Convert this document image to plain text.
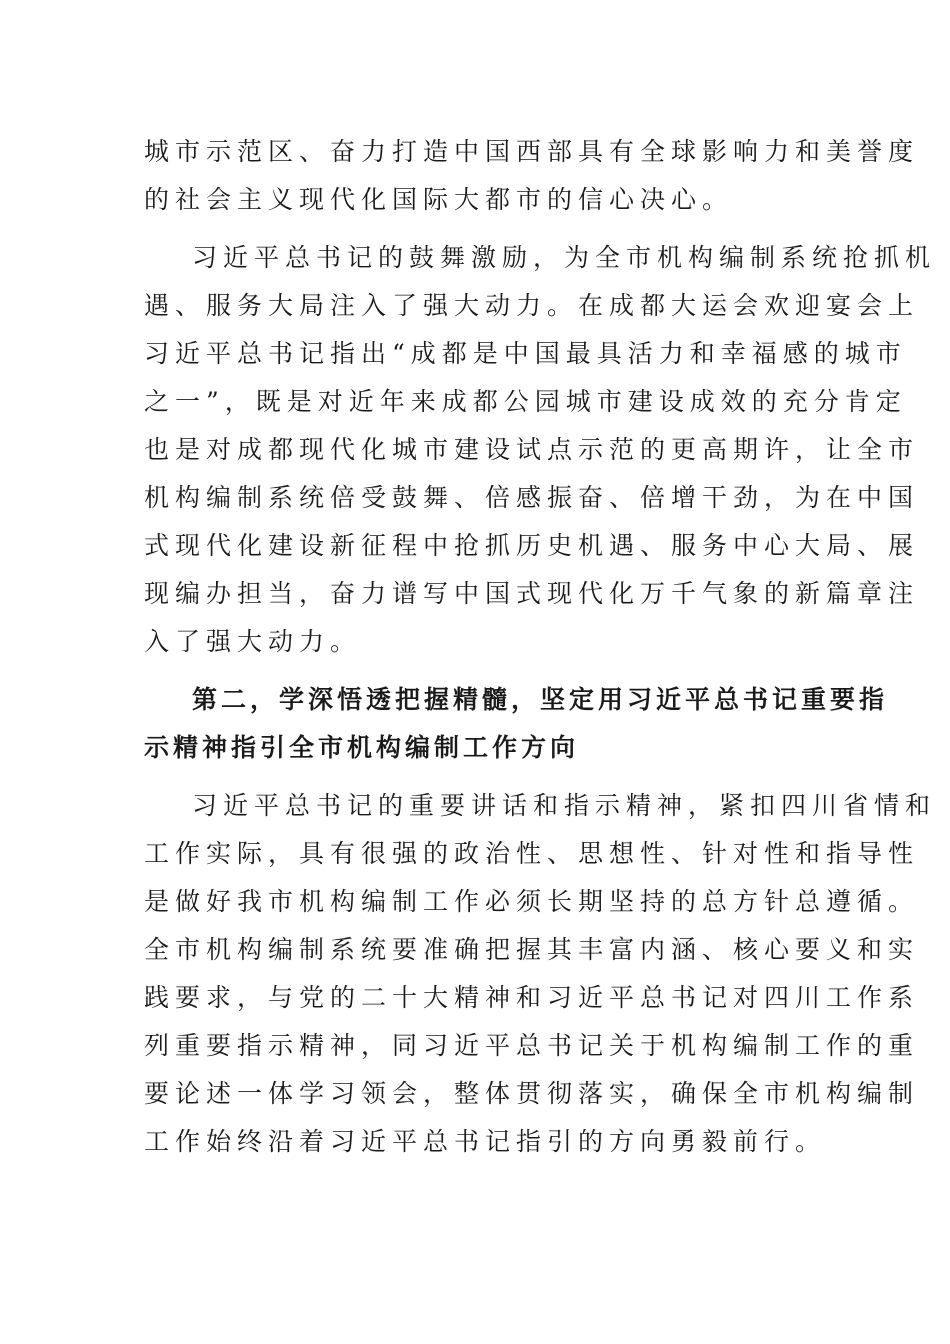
城市示范区、奋力打造中国西部具有全球影响力和美誉度
的社会主义现代化国际大都市的信心决心。
习近平总书记的鼓舞激励，为全市机构编制系统抢抓机
遇、服务大局注入了强大动力。在成都大运会欢迎宴会上
习近平总书记指出“成都是中国最具活力和幸福感的城市
之一”，既是对近年来成都公园城市建设成效的充分肯定
也是对成都现代化城市建设试点示范的更高期许，让全市
机构编制系统倍受鼓舞、倍感振奋、倍增干劲，为在中国
式现代化建设新征程中抢抓历史机遇、服务中心大局、展
现编办担当，奋力谱写中国式现代化万千气象的新篇章注
入了强大动力。
第二，学深悟透把握精髓，坚定用习近平总书记重要指
示精神指引全市机构编制工作方向
习近平总书记的重要讲话和指示精神，紧扣四川省情和
工作实际，具有很强的政治性、思想性、针对性和指导性
是做好我市机构编制工作必须长期坚持的总方针总遵循。
全市机构编制系统要准确把握其丰富内涵、核心要义和实
践要求，与党的二十大精神和习近平总书记对四川工作系
列重要指示精神，同习近平总书记关于机构编制工作的重
要论述一体学习领会，整体贯彻落实，确保全市机构编制
工作始终沿着习近平总书记指引的方向勇毅前行。
